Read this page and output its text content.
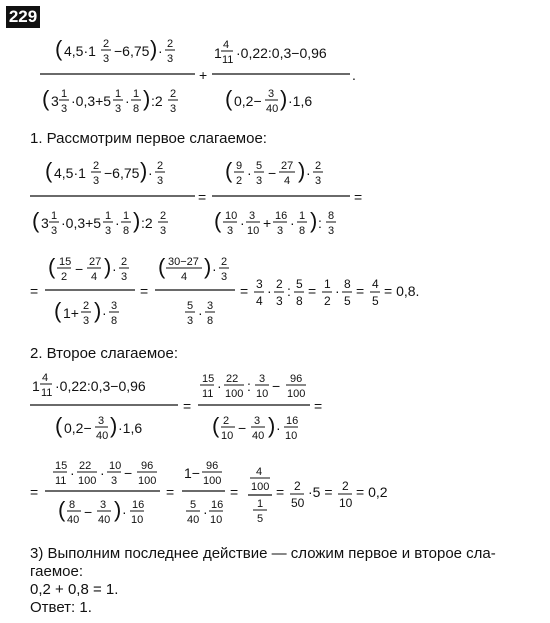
229
( 4,5·1 2
3 −6,75 ) · 2
3
( 3 1
3 ·0,3+5 1
3 · 1
8 ) :2 2
3
+
1 4
11 ·0,22:0,3−0,96
( 0,2− 3
40 ) ·1,6
.
1. Рассмотрим первое слагаемое:
( 4,5·1 2
3 −6,75 ) · 2
3
( 3 1
3 ·0,3+5 1
3 · 1
8 ) :2 2
3
=
( 9
2 · 5
3 − 27
4 ) · 2
3
( 10
3 · 3
10 + 16
3 · 1
8 ) : 8
3
=
=
( 15
2 − 27
4 ) · 2
3
( 1+ 2
3 ) · 3
8
=
( 30−27
4 ) · 2
3
5
3 · 3
8
= 3
4
· 2
3
: 5
8
= 1
2
· 8
5
= 4
5
= 0,8.
2. Второе слагаемое:
1 4
11 ·0,22:0,3−0,96
( 0,2− 3
40 ) ·1,6
=
15
11 · 22
100 : 3
10 − 96
100
( 2
10 − 3
40 ) · 16
10
=
=
15
11 · 22
100 · 10
3 − 96
100
( 8
40 − 3
40 ) · 16
10
=
1− 96
100
5
40 · 16
10
=
4
100
1
5
= 2
50
·5 = 2
10
= 0,2
3) Выполним последнее действие — сложим первое и второе сла-
гаемое:
0,2 + 0,8 = 1.
Ответ: 1.
